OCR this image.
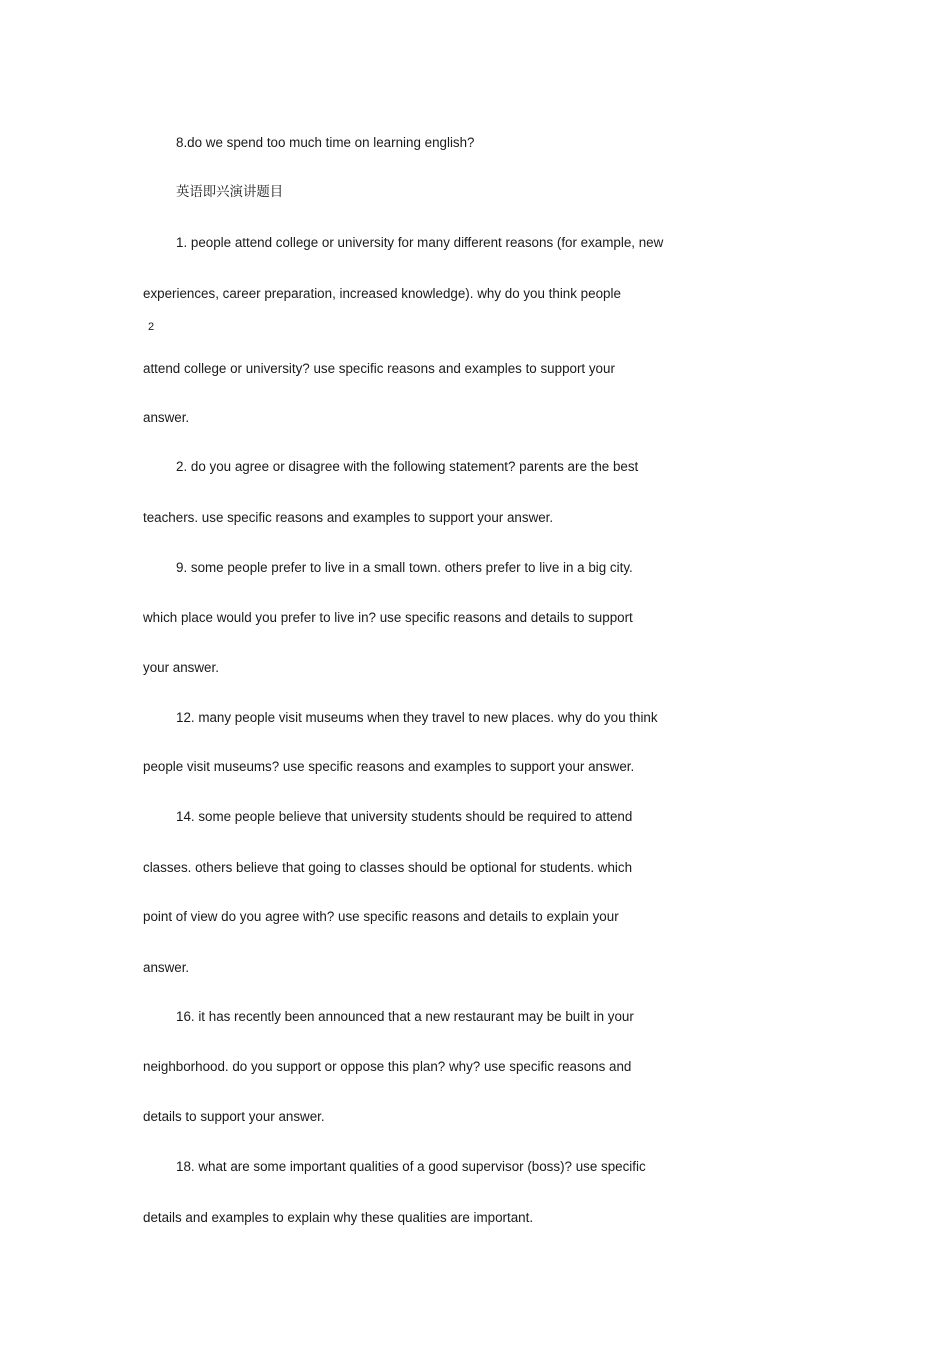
8.do we spend too much time on learning english?
英语即兴演讲题目
1. people attend college or university for many different reasons (for example, new
experiences, career preparation, increased knowledge). why do you think people
2
attend college or university? use specific reasons and examples to support your
answer.
2. do you agree or disagree with the following statement? parents are the best
teachers. use specific reasons and examples to support your answer.
9. some people prefer to live in a small town. others prefer to live in a big city.
which place would you prefer to live in? use specific reasons and details to support
your answer.
12. many people visit museums when they travel to new places. why do you think
people visit museums? use specific reasons and examples to support your answer.
14. some people believe that university students should be required to attend
classes. others believe that going to classes should be optional for students. which
point of view do you agree with? use specific reasons and details to explain your
answer.
16. it has recently been announced that a new restaurant may be built in your
neighborhood. do you support or oppose this plan? why? use specific reasons and
details to support your answer.
18. what are some important qualities of a good supervisor (boss)? use specific
details and examples to explain why these qualities are important.
